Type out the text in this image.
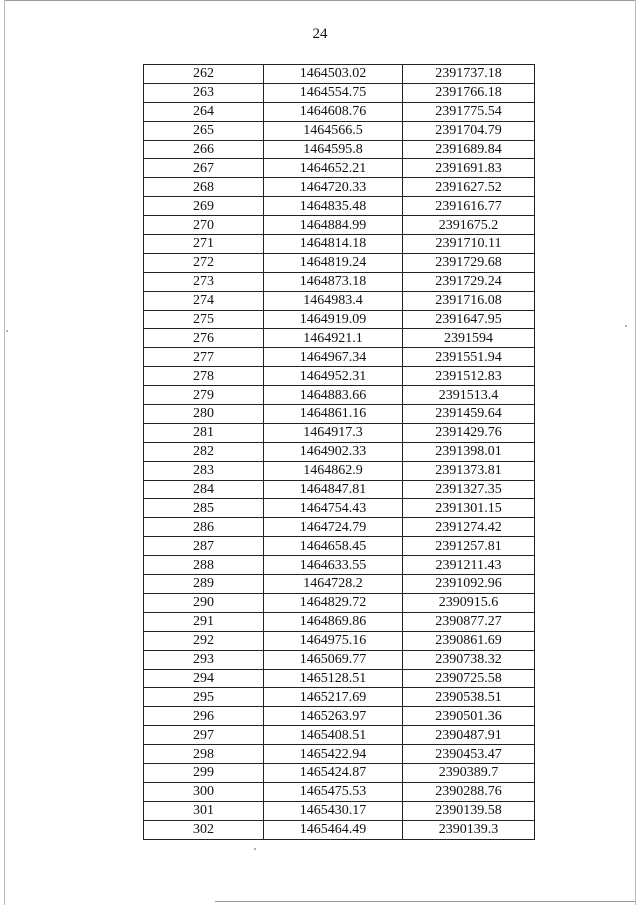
24
262	1464503.02	2391737.18
263	1464554.75	2391766.18
264	1464608.76	2391775.54
265	1464566.5	2391704.79
266	1464595.8	2391689.84
267	1464652.21	2391691.83
268	1464720.33	2391627.52
269	1464835.48	2391616.77
270	1464884.99	2391675.2
271	1464814.18	2391710.11
272	1464819.24	2391729.68
273	1464873.18	2391729.24
274	1464983.4	2391716.08
275	1464919.09	2391647.95
276	1464921.1	2391594
277	1464967.34	2391551.94
278	1464952.31	2391512.83
279	1464883.66	2391513.4
280	1464861.16	2391459.64
281	1464917.3	2391429.76
282	1464902.33	2391398.01
283	1464862.9	2391373.81
284	1464847.81	2391327.35
285	1464754.43	2391301.15
286	1464724.79	2391274.42
287	1464658.45	2391257.81
288	1464633.55	2391211.43
289	1464728.2	2391092.96
290	1464829.72	2390915.6
291	1464869.86	2390877.27
292	1464975.16	2390861.69
293	1465069.77	2390738.32
294	1465128.51	2390725.58
295	1465217.69	2390538.51
296	1465263.97	2390501.36
297	1465408.51	2390487.91
298	1465422.94	2390453.47
299	1465424.87	2390389.7
300	1465475.53	2390288.76
301	1465430.17	2390139.58
302	1465464.49	2390139.3
